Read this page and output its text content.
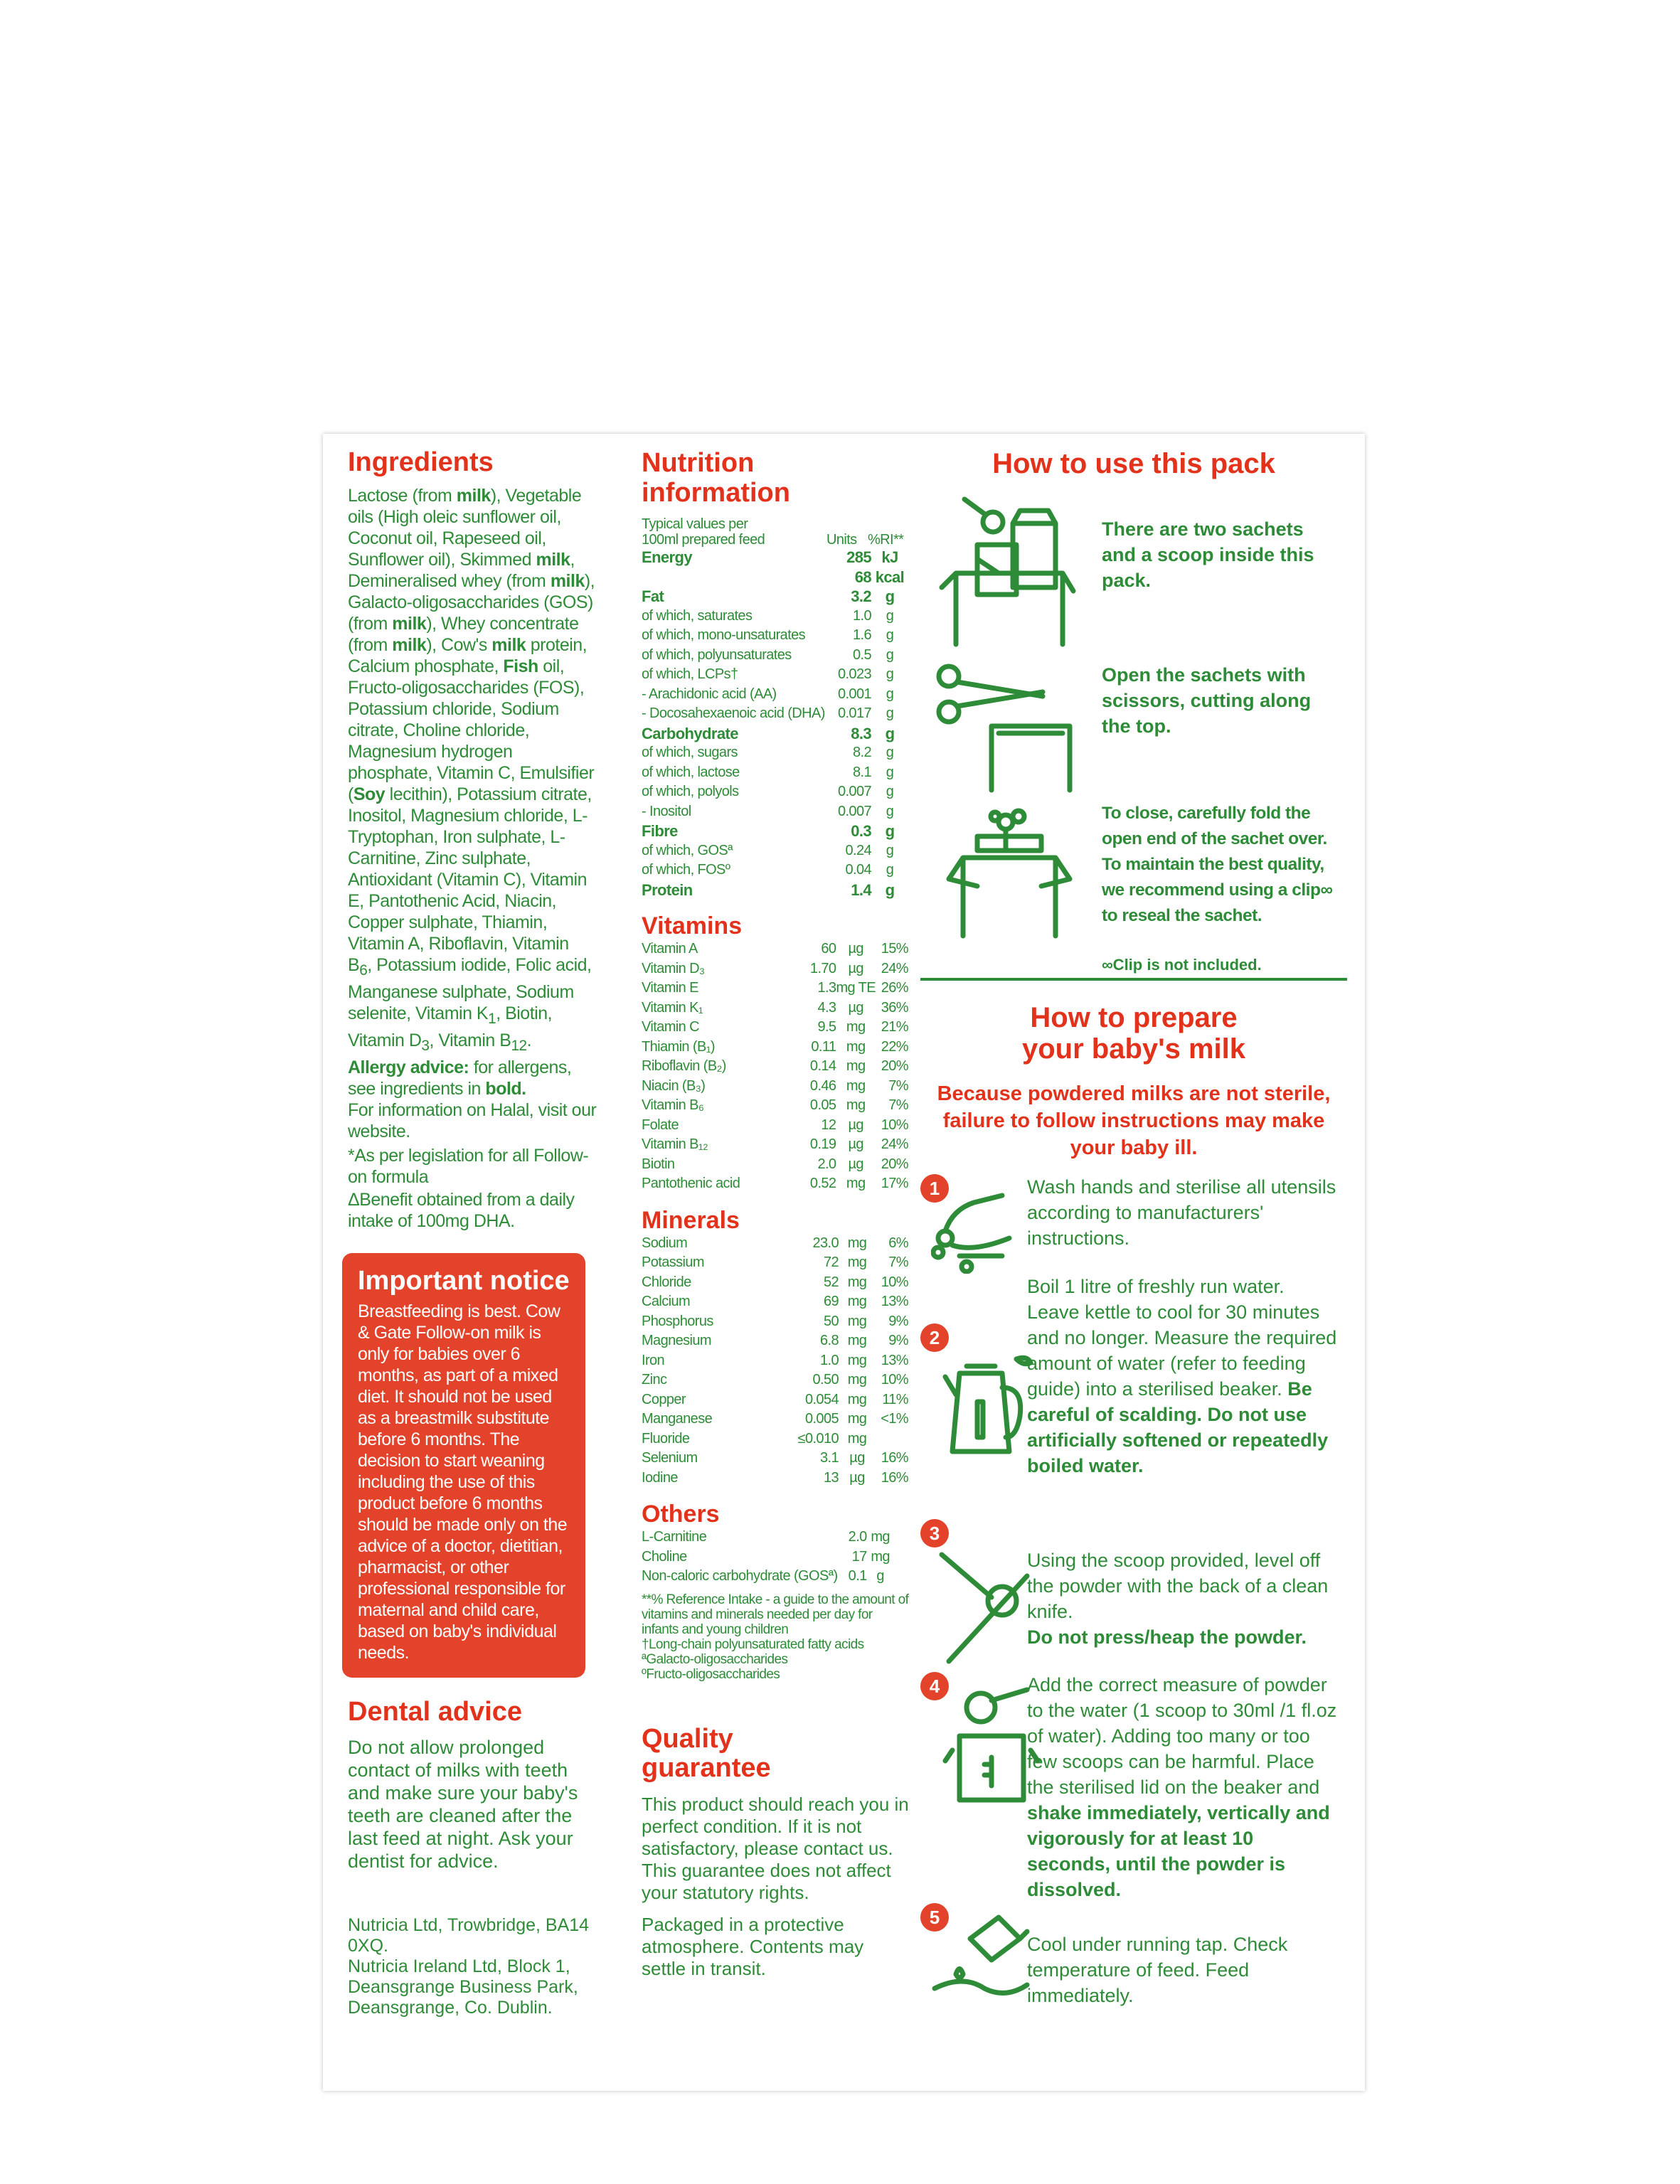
Ingredients
Lactose (from milk), Vegetable oils (High oleic sunflower oil, Coconut oil, Rapeseed oil, Sunflower oil), Skimmed milk, Demineralised whey (from milk), Galacto-oligosaccharides (GOS) (from milk), Whey concentrate (from milk), Cow's milk protein, Calcium phosphate, Fish oil, Fructo-oligosaccharides (FOS), Potassium chloride, Sodium citrate, Choline chloride, Magnesium hydrogen phosphate, Vitamin C, Emulsifier (Soy lecithin), Potassium citrate, Inositol, Magnesium chloride, L-Tryptophan, Iron sulphate, L-Carnitine, Zinc sulphate, Antioxidant (Vitamin C), Vitamin E, Pantothenic Acid, Niacin, Copper sulphate, Thiamin, Vitamin A, Riboflavin, Vitamin $B_6$, Potassium iodide, Folic acid, Manganese sulphate, Sodium selenite, Vitamin $K_1$, Biotin, Vitamin $D_3$, Vitamin $B_{12}$.
Allergy advice: for allergens, see ingredients in bold.
For information on Halal, visit our website.
*As per legislation for all Follow-on formula
ΔBenefit obtained from a daily intake of 100mg DHA.
Important notice

Breastfeeding is best. Cow & Gate Follow-on milk is only for babies over 6 months, as part of a mixed diet. It should not be used as a breastmilk substitute before 6 months. The decision to start weaning including the use of this product before 6 months should be made only on the advice of a doctor, dietitian, pharmacist, or other professional responsible for maternal and child care, based on baby's individual needs.

Dental advice

Do not allow prolonged contact of milks with teeth and make sure your baby's teeth are cleaned after the last feed at night. Ask your dentist for advice.

Nutricia Ltd, Trowbridge, BA14 0XQ.
Nutricia Ireland Ltd, Block 1, Deansgrange Business Park, Deansgrange, Co. Dublin.
Nutrition
information
Typical values per
100ml prepared feed	Units %RI**
Energy	285	kJ
	68	kcal
Fat	3.2	g
of which, saturates	1.0	g
of which, mono-unsaturates	1.6	g
of which, polyunsaturates	0.5	g
of which, LCPs†	0.023	g
- Arachidonic acid (AA)	0.001	g
- Docosahexaenoic acid (DHA)	0.017	g
Carbohydrate	8.3	g
of which, sugars	8.2	g
of which, lactose	8.1	g
of which, polyols	0.007	g
- Inositol	0.007	g
Fibre	0.3	g
of which, GOSª	0.24	g
of which, FOSº	0.04	g
Protein	1.4	g
Vitamins
Vitamin A	60	µg	15%
Vitamin D₃	1.70	µg	24%
Vitamin E	1.3	mg TE	26%
Vitamin K₁	4.3	µg	36%
Vitamin C	9.5	mg	21%
Thiamin (B₁)	0.11	mg	22%
Riboflavin (B₂)	0.14	mg	20%
Niacin (B₃)	0.46	mg	7%
Vitamin B₆	0.05	mg	7%
Folate	12	µg	10%
Vitamin B₁₂	0.19	µg	24%
Biotin	2.0	µg	20%
Pantothenic acid	0.52	mg	17%
Minerals
Sodium	23.0	mg	6%
Potassium	72	mg	7%
Chloride	52	mg	10%
Calcium	69	mg	13%
Phosphorus	50	mg	9%
Magnesium	6.8	mg	9%
Iron	1.0	mg	13%
Zinc	0.50	mg	10%
Copper	0.054	mg	11%
Manganese	0.005	mg	<1%
Fluoride	≤0.010	mg	
Selenium	3.1	µg	16%
Iodine	13	µg	16%
Others
L-Carnitine	2.0	mg	
Choline	17	mg	
Non-caloric carbohydrate (GOSª)	0.1	g	
**% Reference Intake - a guide to the amount of vitamins and minerals needed per day for infants and young children
†Long-chain polyunsaturated fatty acids
ªGalacto-oligosaccharides
ºFructo-oligosaccharides
Quality
guarantee

This product should reach you in perfect condition. If it is not satisfactory, please contact us. This guarantee does not affect your statutory rights.

Packaged in a protective atmosphere. Contents may settle in transit.

How to use this pack
There are two sachets and a scoop inside this pack.
Open the sachets with scissors, cutting along the top.
To close, carefully fold the open end of the sachet over. To maintain the best quality, we recommend using a clip∞ to reseal the sachet.
∞Clip is not included.
How to prepare
your baby's milk
Because powdered milks are not sterile, failure to follow instructions may make your baby ill.
1	Wash hands and sterilise all utensils according to manufacturers' instructions.
2
Boil 1 litre of freshly run water. Leave kettle to cool for 30 minutes and no longer. Measure the required amount of water (refer to feeding guide) into a sterilised beaker. Be careful of scalding. Do not use artificially softened or repeatedly boiled water.
3
Using the scoop provided, level off the powder with the back of a clean knife.
Do not press/heap the powder.
4	Add the correct measure of powder to the water (1 scoop to 30ml /1 fl.oz of water). Adding too many or too few scoops can be harmful. Place the sterilised lid on the beaker and shake immediately, vertically and vigorously for at least 10 seconds, until the powder is dissolved.
5
Cool under running tap. Check temperature of feed. Feed immediately.
